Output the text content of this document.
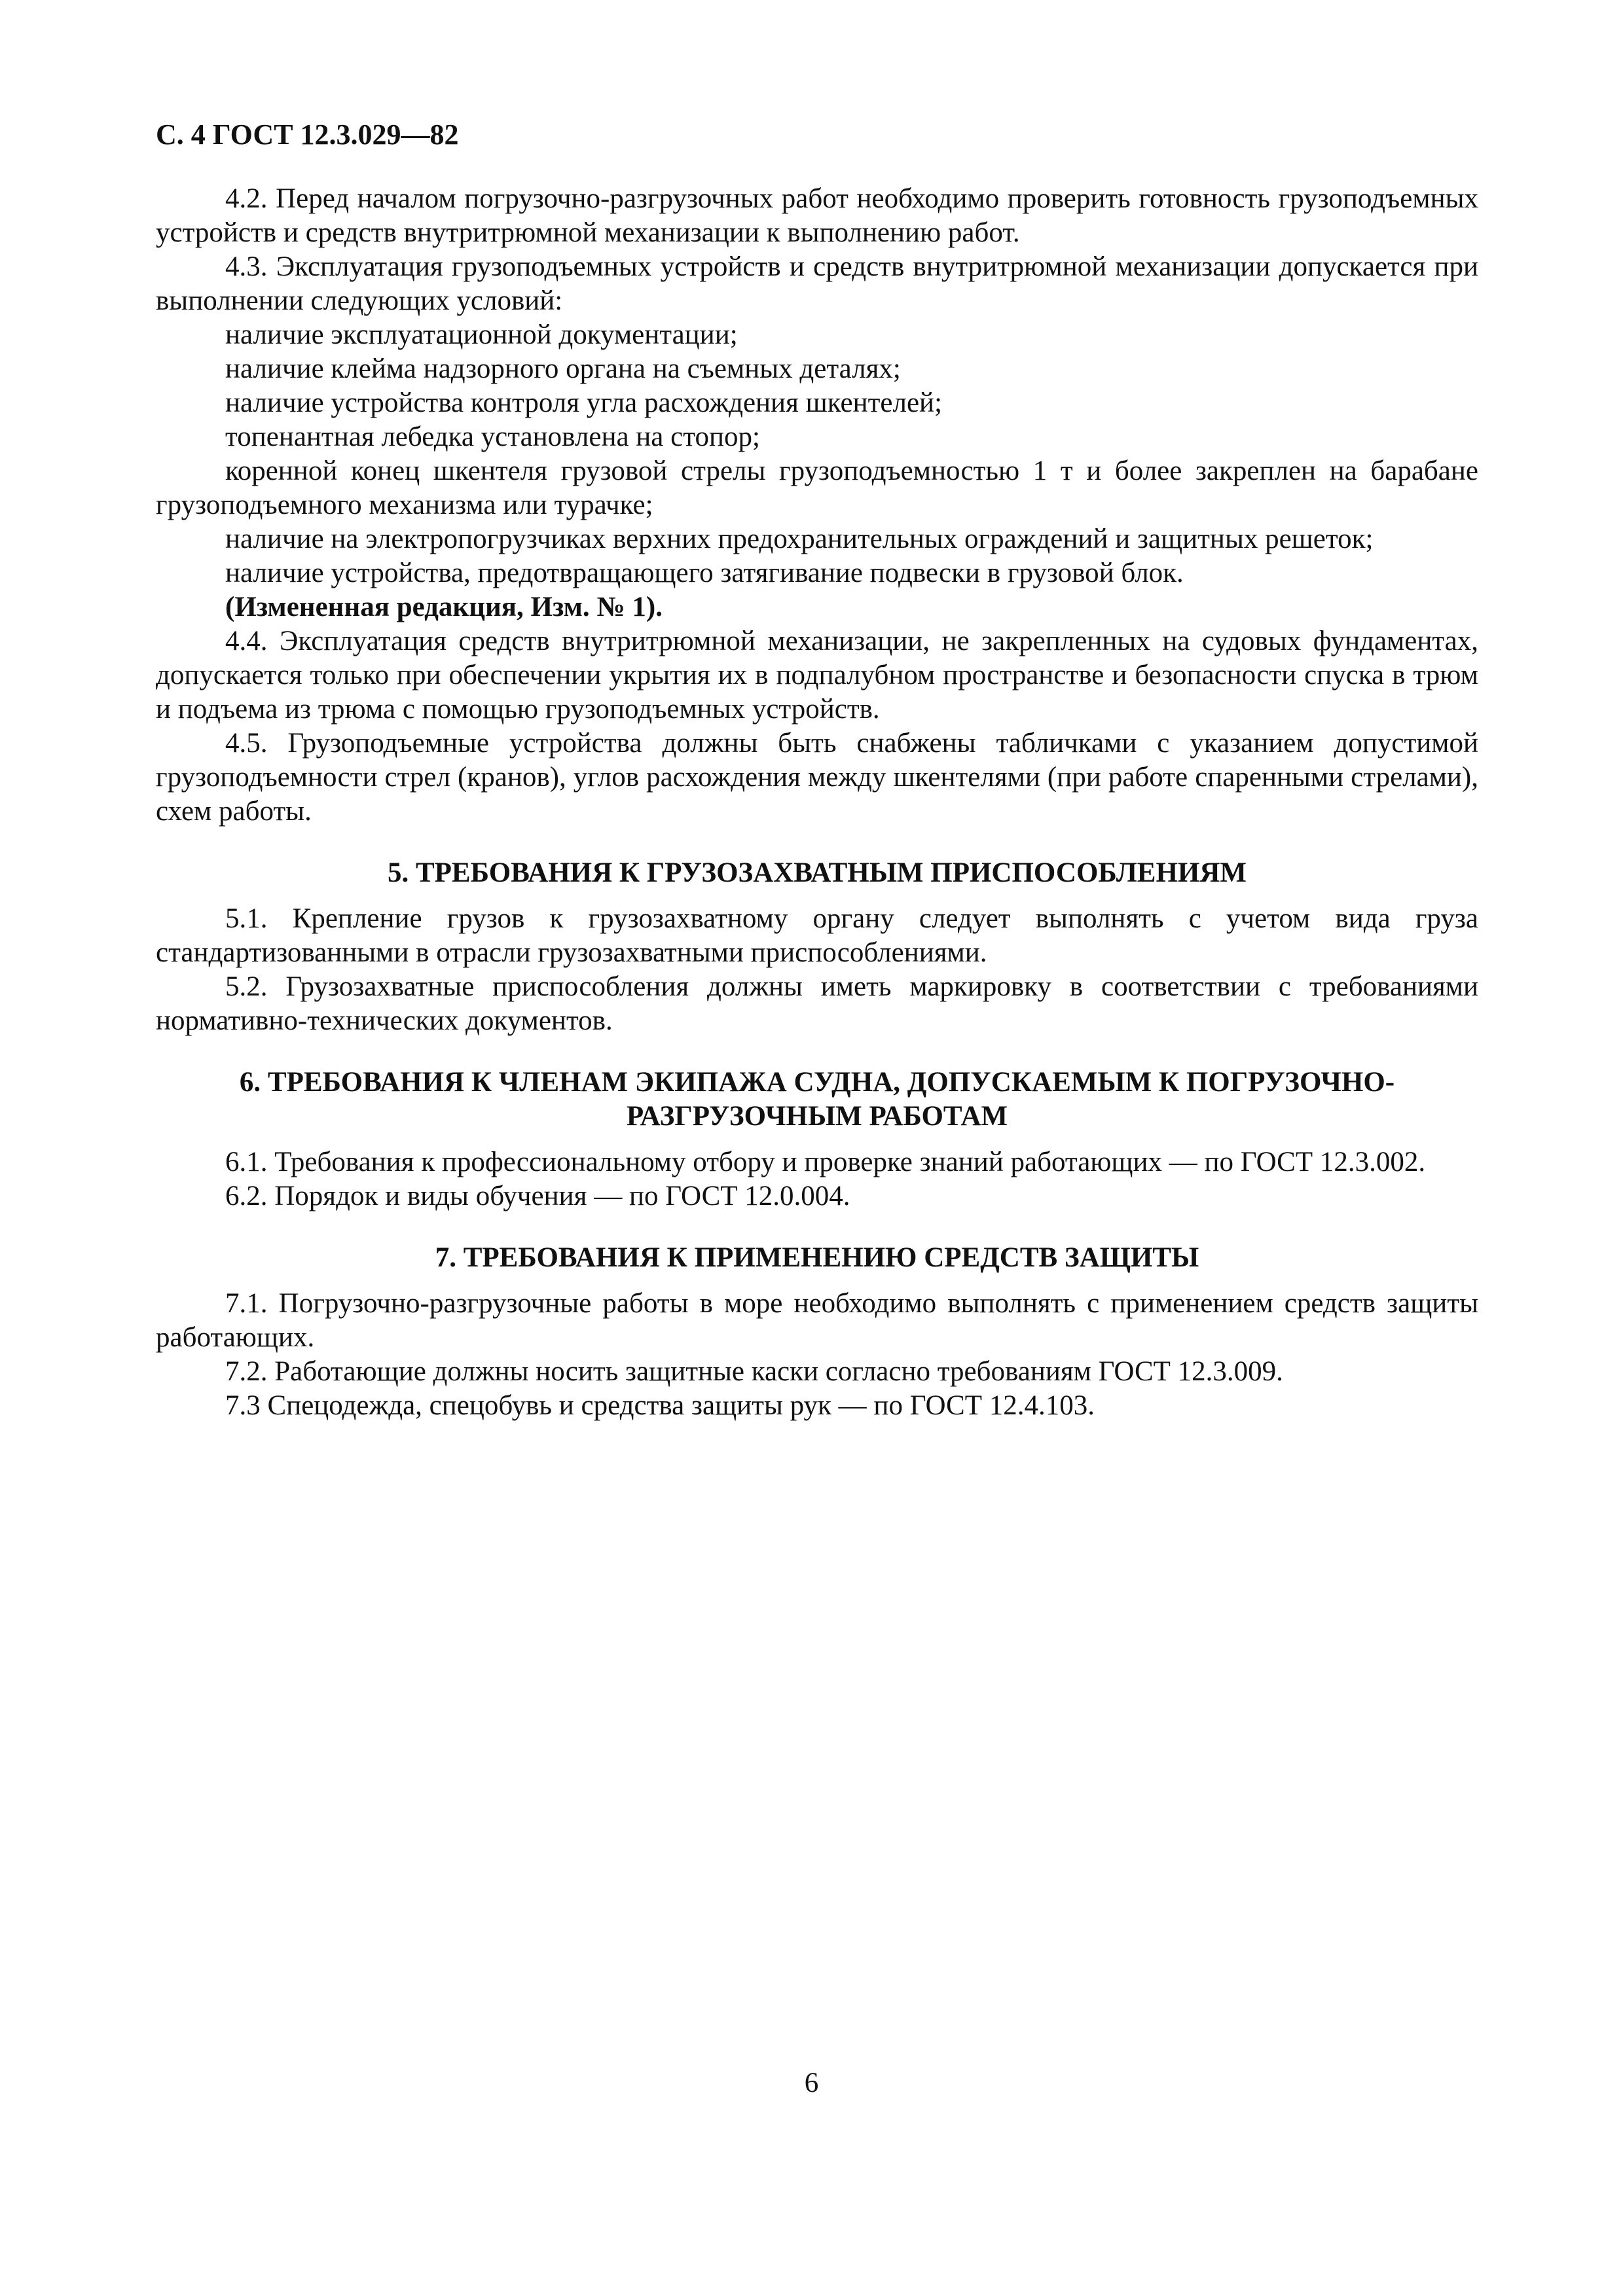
С. 4 ГОСТ 12.3.029—82

4.2. Перед началом погрузочно-разгрузочных работ необходимо проверить готовность грузоподъемных устройств и средств внутритрюмной механизации к выполнению работ.

4.3. Эксплуатация грузоподъемных устройств и средств внутритрюмной механизации допускается при выполнении следующих условий:

наличие эксплуатационной документации;

наличие клейма надзорного органа на съемных деталях;

наличие устройства контроля угла расхождения шкентелей;

топенантная лебедка установлена на стопор;

коренной конец шкентеля грузовой стрелы грузоподъемностью 1 т и более закреплен на барабане грузоподъемного механизма или турачке;

наличие на электропогрузчиках верхних предохранительных ограждений и защитных решеток;

наличие устройства, предотвращающего затягивание подвески в грузовой блок.

(Измененная редакция, Изм. № 1).

4.4. Эксплуатация средств внутритрюмной механизации, не закрепленных на судовых фундаментах, допускается только при обеспечении укрытия их в подпалубном пространстве и безопасности спуска в трюм и подъема из трюма с помощью грузоподъемных устройств.

4.5. Грузоподъемные устройства должны быть снабжены табличками с указанием допустимой грузоподъемности стрел (кранов), углов расхождения между шкентелями (при работе спаренными стрелами), схем работы.

5. ТРЕБОВАНИЯ К ГРУЗОЗАХВАТНЫМ ПРИСПОСОБЛЕНИЯМ

5.1. Крепление грузов к грузозахватному органу следует выполнять с учетом вида груза стандартизованными в отрасли грузозахватными приспособлениями.

5.2. Грузозахватные приспособления должны иметь маркировку в соответствии с требованиями нормативно-технических документов.

6. ТРЕБОВАНИЯ К ЧЛЕНАМ ЭКИПАЖА СУДНА, ДОПУСКАЕМЫМ К ПОГРУЗОЧНО-
РАЗГРУЗОЧНЫМ РАБОТАМ

6.1. Требования к профессиональному отбору и проверке знаний работающих — по ГОСТ 12.3.002.

6.2. Порядок и виды обучения — по ГОСТ 12.0.004.

7. ТРЕБОВАНИЯ К ПРИМЕНЕНИЮ СРЕДСТВ ЗАЩИТЫ

7.1. Погрузочно-разгрузочные работы в море необходимо выполнять с применением средств защиты работающих.

7.2. Работающие должны носить защитные каски согласно требованиям ГОСТ 12.3.009.

7.3 Спецодежда, спецобувь и средства защиты рук — по ГОСТ 12.4.103.

6
